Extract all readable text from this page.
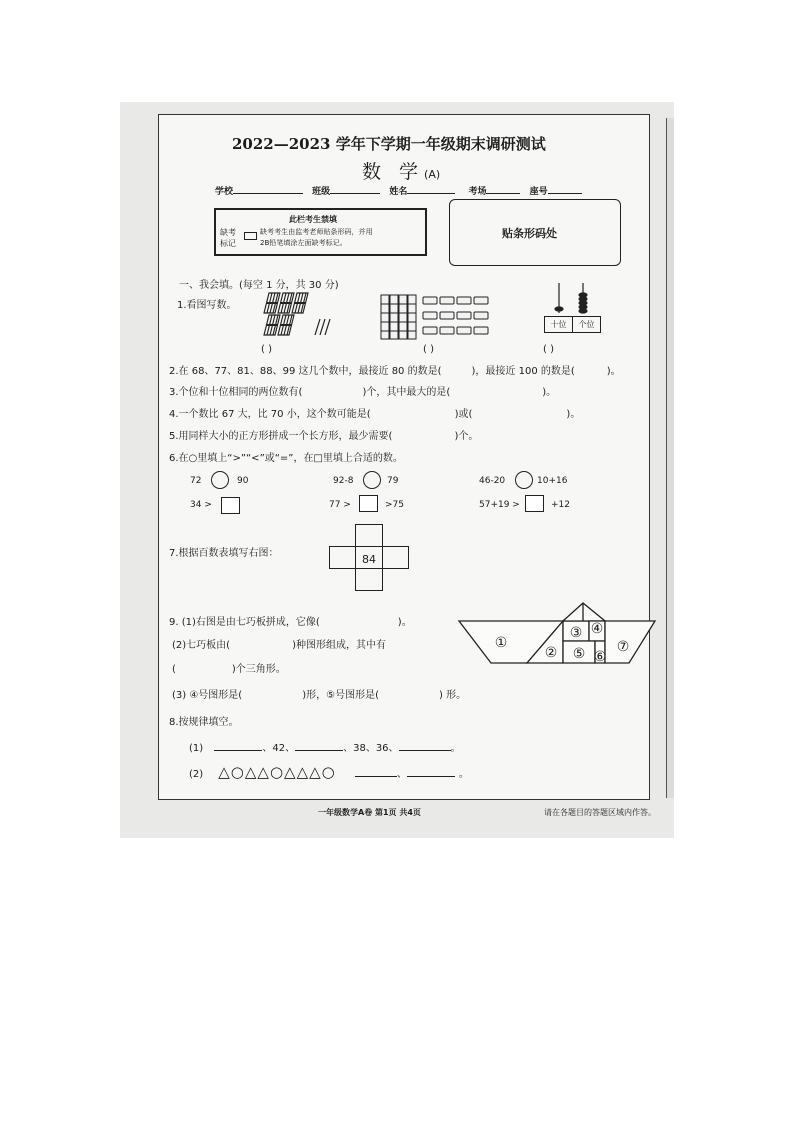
2022—2023 学年下学期一年级期末调研测试
数 学(A)
学校	班级	姓名	考场	座号
此栏考生禁填
缺考
标记
缺考考生由监考老师贴条形码，并用
2B铅笔填涂左面缺考标记。
贴条形码处
一、我会填。(每空 1 分，共 30 分)
1.看图写数。
十位	个位
( )	( )	( )
2.在 68、77、81、88、99 这几个数中，最接近 80 的数是(	)，最接近 100 的数是(	)。
3.个位和十位相同的两位数有(	)个，其中最大的是(	)。
4.一个数比 67 大，比 70 小，这个数可能是(	)或(	)。
5.用同样大小的正方形拼成一个长方形，最少需要(	)个。
6.在○里填上“>”“<”或“=”，在□里填上合适的数。
72	90	92-8	79	46-20	10+16
34 >	77 >	>75	57+19 >	+12
7.根据百数表填写右图：	84
9. (1)右图是由七巧板拼成，它像(	)。
(2)七巧板由(	)种图形组成，其中有
(	)个三角形。
(3) ④号图形是(	)形，⑤号图形是(	) 形。
①
②
③ ④
⑤ ⑥
⑦
8.按规律填空。
(1)	、42、	、38、36、	。
(2) △○△△○△△△○	、	。
一年级数学A卷 第1页 共4页	请在各题目的答题区域内作答。
